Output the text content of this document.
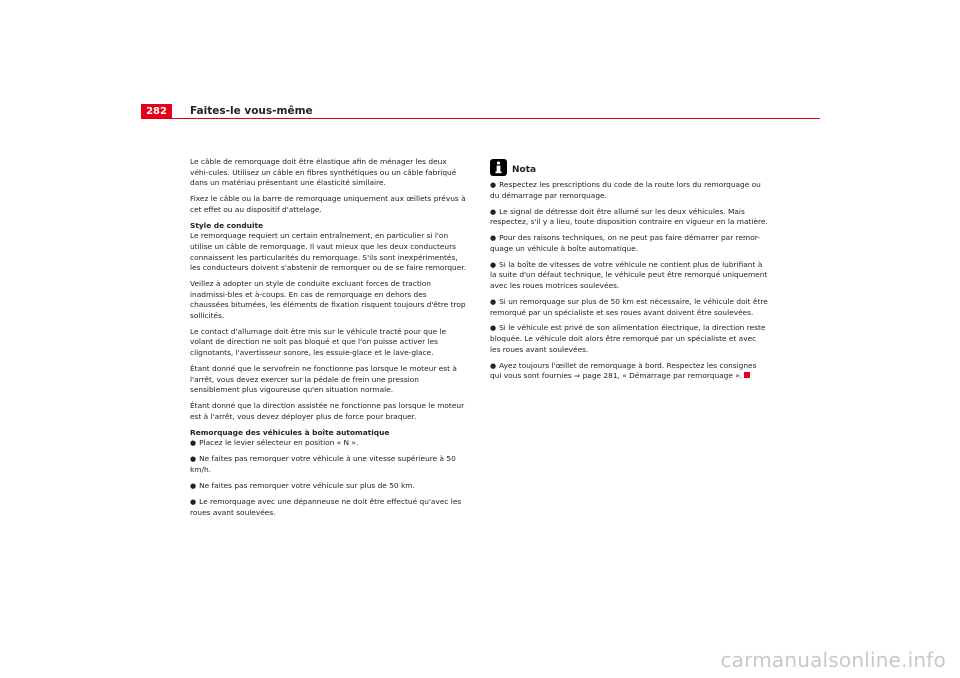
282	Faites-le vous-même

Le câble de remorquage doit être élastique afin de ménager les deux véhi-cules. Utilisez un câble en fibres synthétiques ou un câble fabriqué dans un matériau présentant une élasticité similaire.

Fixez le câble ou la barre de remorquage uniquement aux œillets prévus à cet effet ou au dispositif d'attelage.

Style de conduite

Le remorquage requiert un certain entraînement, en particulier si l'on utilise un câble de remorquage. Il vaut mieux que les deux conducteurs connaissent les particularités du remorquage. S'ils sont inexpérimentés, les conducteurs doivent s'abstenir de remorquer ou de se faire remorquer.

Veillez à adopter un style de conduite excluant forces de traction inadmissi-bles et à-coups. En cas de remorquage en dehors des chaussées bitumées, les éléments de fixation risquent toujours d'être trop sollicités.

Le contact d'allumage doit être mis sur le véhicule tracté pour que le volant de direction ne soit pas bloqué et que l'on puisse activer les clignotants, l'avertisseur sonore, les essuie-glace et le lave-glace.

Étant donné que le servofrein ne fonctionne pas lorsque le moteur est à l'arrêt, vous devez exercer sur la pédale de frein une pression sensiblement plus vigoureuse qu'en situation normale.

Étant donné que la direction assistée ne fonctionne pas lorsque le moteur est à l'arrêt, vous devez déployer plus de force pour braquer.

Remorquage des véhicules à boîte automatique
● Placez le levier sélecteur en position « N ».
● Ne faites pas remorquer votre véhicule à une vitesse supérieure à 50 km/h.
● Ne faites pas remorquer votre véhicule sur plus de 50 km.
● Le remorquage avec une dépanneuse ne doit être effectué qu'avec les roues avant soulevées.
Nota
● Respectez les prescriptions du code de la route lors du remorquage ou du démarrage par remorquage.
● Le signal de détresse doit être allumé sur les deux véhicules. Mais respectez, s'il y a lieu, toute disposition contraire en vigueur en la matière.
● Pour des raisons techniques, on ne peut pas faire démarrer par remor-quage un véhicule à boîte automatique.
● Si la boîte de vitesses de votre véhicule ne contient plus de lubrifiant à la suite d'un défaut technique, le véhicule peut être remorqué uniquement avec les roues motrices soulevées.
● Si un remorquage sur plus de 50 km est nécessaire, le véhicule doit être remorqué par un spécialiste et ses roues avant doivent être soulevées.
● Si le véhicule est privé de son alimentation électrique, la direction reste bloquée. Le véhicule doit alors être remorqué par un spécialiste et avec les roues avant soulevées.
● Ayez toujours l'œillet de remorquage à bord. Respectez les consignes qui vous sont fournies ⇒ page 281, « Démarrage par remorquage ».
carmanualsonline.info
